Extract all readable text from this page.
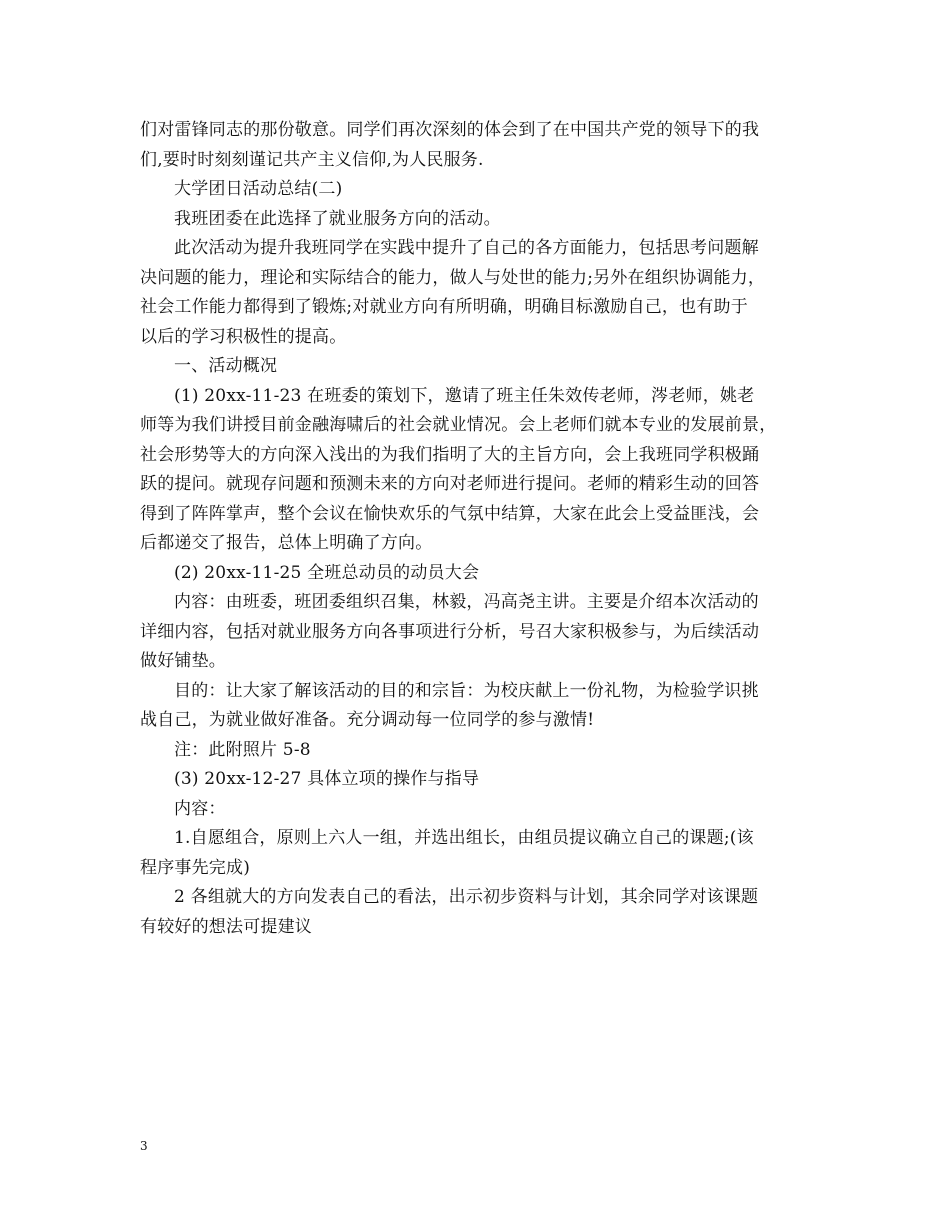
们对雷锋同志的那份敬意。同学们再次深刻的体会到了在中国共产党的领导下的我
们,要时时刻刻谨记共产主义信仰,为人民服务.
大学团日活动总结(二)
我班团委在此选择了就业服务方向的活动。
此次活动为提升我班同学在实践中提升了自己的各方面能力，包括思考问题解
决问题的能力，理论和实际结合的能力，做人与处世的能力;另外在组织协调能力，
社会工作能力都得到了锻炼;对就业方向有所明确，明确目标激励自己，也有助于
以后的学习积极性的提高。
一、活动概况
(1) 20xx-11-23 在班委的策划下，邀请了班主任朱效传老师，涔老师，姚老
师等为我们讲授目前金融海啸后的社会就业情况。会上老师们就本专业的发展前景，
社会形势等大的方向深入浅出的为我们指明了大的主旨方向，会上我班同学积极踊
跃的提问。就现存问题和预测未来的方向对老师进行提问。老师的精彩生动的回答
得到了阵阵掌声，整个会议在愉快欢乐的气氛中结算，大家在此会上受益匪浅，会
后都递交了报告，总体上明确了方向。
(2) 20xx-11-25 全班总动员的动员大会
内容：由班委，班团委组织召集，林毅，冯高尧主讲。主要是介绍本次活动的
详细内容，包括对就业服务方向各事项进行分析，号召大家积极参与，为后续活动
做好铺垫。
目的：让大家了解该活动的目的和宗旨：为校庆献上一份礼物，为检验学识挑
战自己，为就业做好准备。充分调动每一位同学的参与激情!
注：此附照片 5-8
(3) 20xx-12-27 具体立项的操作与指导
内容：
1.自愿组合，原则上六人一组，并选出组长，由组员提议确立自己的课题;(该
程序事先完成)
2 各组就大的方向发表自己的看法，出示初步资料与计划，其余同学对该课题
有较好的想法可提建议
3
